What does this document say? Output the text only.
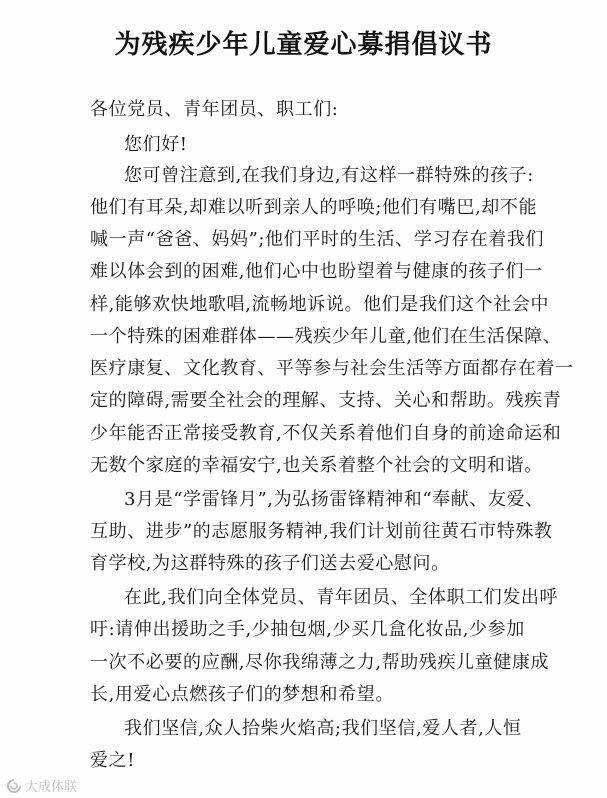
为残疾少年儿童爱心募捐倡议书
各位党员、青年团员、职工们:
您们好!
您可曾注意到,在我们身边,有这样一群特殊的孩子:
他们有耳朵,却难以听到亲人的呼唤;他们有嘴巴,却不能
喊一声“爸爸、妈妈”;他们平时的生活、学习存在着我们
难以体会到的困难,他们心中也盼望着与健康的孩子们一
样,能够欢快地歌唱,流畅地诉说。他们是我们这个社会中
一个特殊的困难群体——残疾少年儿童,他们在生活保障、
医疗康复、文化教育、平等参与社会生活等方面都存在着一
定的障碍,需要全社会的理解、支持、关心和帮助。残疾青
少年能否正常接受教育,不仅关系着他们自身的前途命运和
无数个家庭的幸福安宁,也关系着整个社会的文明和谐。
3月是“学雷锋月”,为弘扬雷锋精神和“奉献、友爱、
互助、进步”的志愿服务精神,我们计划前往黄石市特殊教
育学校,为这群特殊的孩子们送去爱心慰问。
在此,我们向全体党员、青年团员、全体职工们发出呼
吁:请伸出援助之手,少抽包烟,少买几盒化妆品,少参加
一次不必要的应酬,尽你我绵薄之力,帮助残疾儿童健康成
长,用爱心点燃孩子们的梦想和希望。
我们坚信,众人拾柴火焰高;我们坚信,爱人者,人恒
爱之!
大成体联
